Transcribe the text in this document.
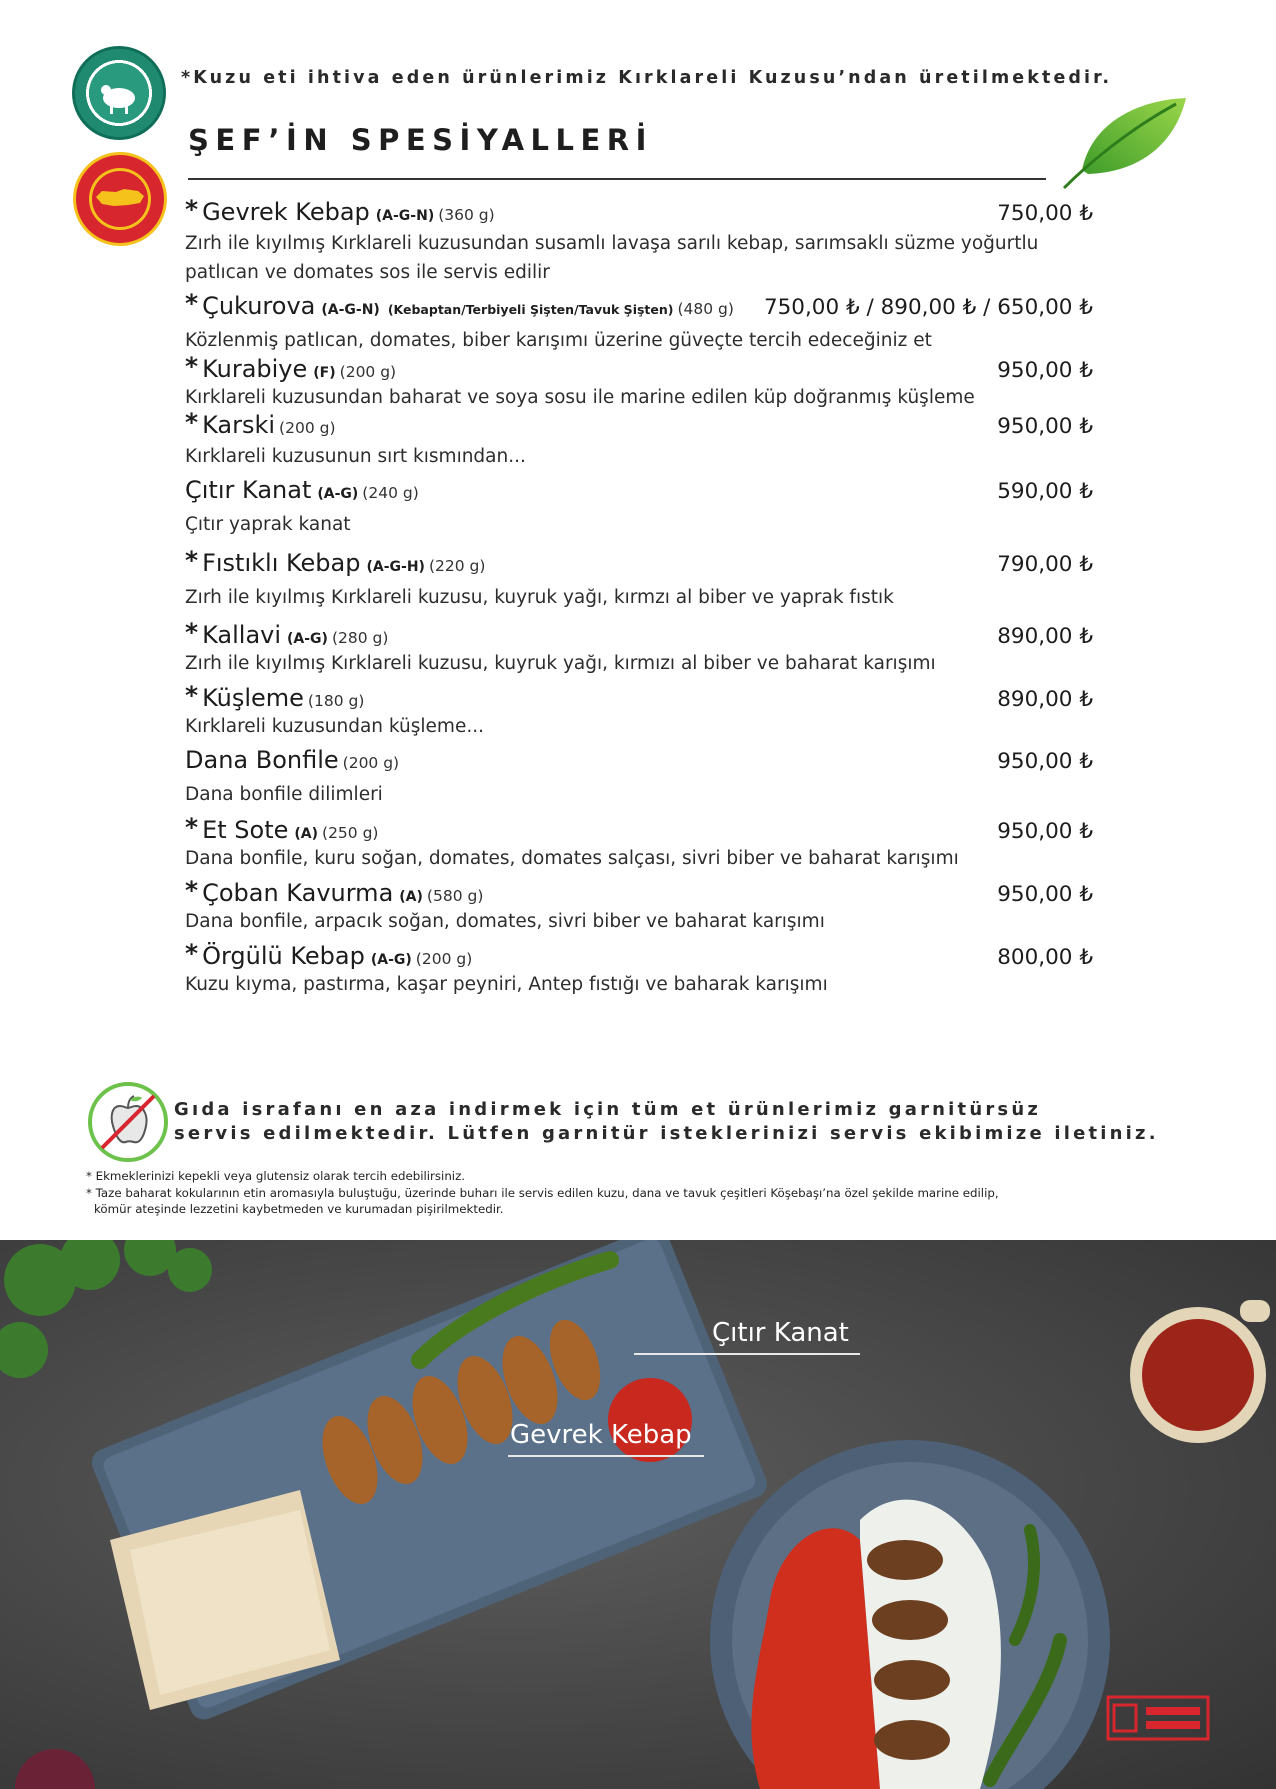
*Kuzu eti ihtiva eden ürünlerimiz Kırklareli Kuzusu’ndan üretilmektedir.
ŞEF’İN SPESİYALLERİ
* Gevrek Kebap (A-G-N) (360 g)	750,00 ₺
Zırh ile kıyılmış Kırklareli kuzusundan susamlı lavaşa sarılı kebap, sarımsaklı süzme yoğurtlu patlıcan ve domates sos ile servis edilir
* Çukurova (A-G-N) (Kebaptan/Terbiyeli Şişten/Tavuk Şişten) (480 g) 750,00 ₺ / 890,00 ₺ / 650,00 ₺
Közlenmiş patlıcan, domates, biber karışımı üzerine güveçte tercih edeceğiniz et
* Kurabiye (F) (200 g)	950,00 ₺
Kırklareli kuzusundan baharat ve soya sosu ile marine edilen küp doğranmış küşleme
* Karski (200 g)	950,00 ₺
Kırklareli kuzusunun sırt kısmından...
Çıtır Kanat (A-G) (240 g)	590,00 ₺
Çıtır yaprak kanat
* Fıstıklı Kebap (A-G-H) (220 g)	790,00 ₺
Zırh ile kıyılmış Kırklareli kuzusu, kuyruk yağı, kırmzı al biber ve yaprak fıstık
* Kallavi (A-G) (280 g)	890,00 ₺
Zırh ile kıyılmış Kırklareli kuzusu, kuyruk yağı, kırmızı al biber ve baharat karışımı
* Küşleme (180 g)	890,00 ₺
Kırklareli kuzusundan küşleme...
Dana Bonfile (200 g)	950,00 ₺
Dana bonfile dilimleri
* Et Sote (A) (250 g)	950,00 ₺
Dana bonfile, kuru soğan, domates, domates salçası, sivri biber ve baharat karışımı
* Çoban Kavurma (A) (580 g)	950,00 ₺
Dana bonfile, arpacık soğan, domates, sivri biber ve baharat karışımı
* Örgülü Kebap (A-G) (200 g)	800,00 ₺
Kuzu kıyma, pastırma, kaşar peyniri, Antep fıstığı ve baharak karışımı
Gıda israfanı en aza indirmek için tüm et ürünlerimiz garnitürsüz
servis edilmektedir. Lütfen garnitür isteklerinizi servis ekibimize iletiniz.
* Ekmeklerinizi kepekli veya glutensiz olarak tercih edebilirsiniz.
* Taze baharat kokularının etin aromasıyla buluştuğu, üzerinde buharı ile servis edilen kuzu, dana ve tavuk çeşitleri Köşebaşı’na özel şekilde marine edilip,
kömür ateşinde lezzetini kaybetmeden ve kurumadan pişirilmektedir.
Çıtır Kanat
Gevrek Kebap
